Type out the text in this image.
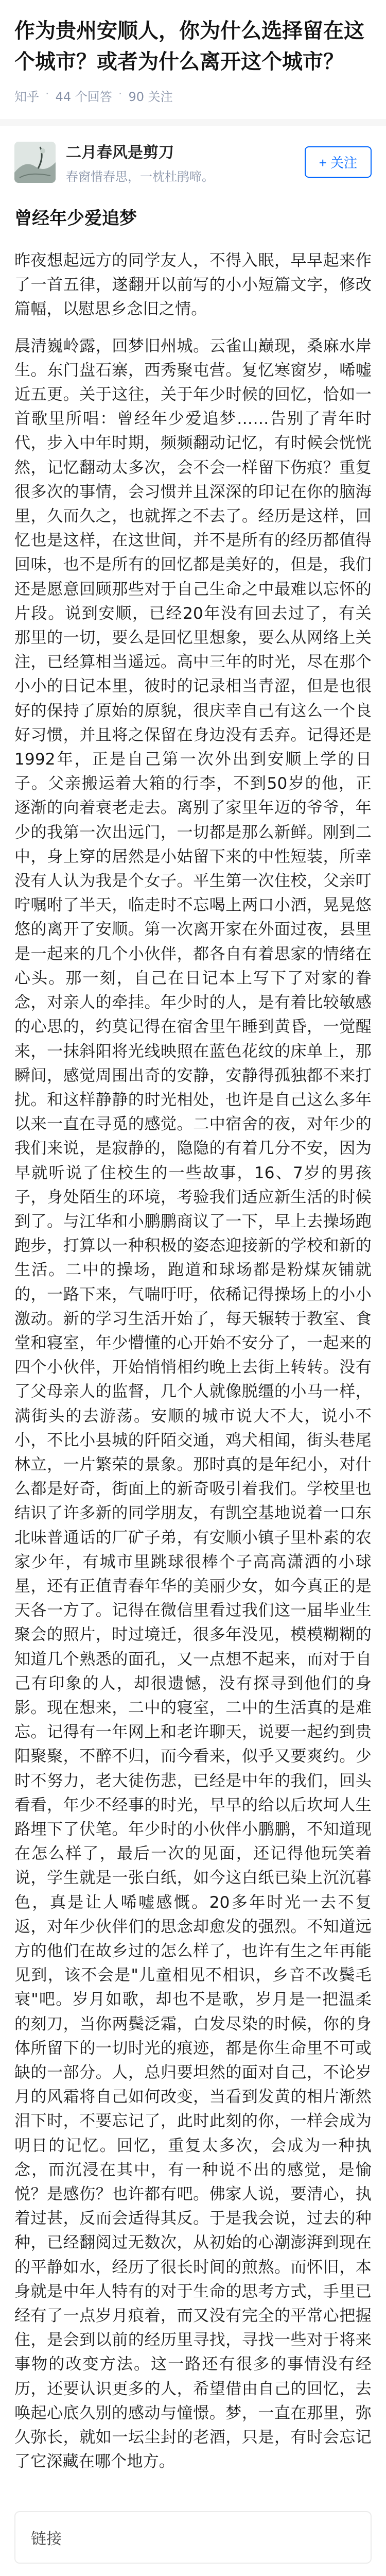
作为贵州安顺人，你为什么选择留在这个城市？或者为什么离开这个城市？
知乎 · 44 个回答 · 90 关注
二月春风是剪刀
春窗惜春思，一枕杜鹃啼。
+ 关注
曾经年少爱追梦

昨夜想起远方的同学友人，不得入眠，早早起来作了一首五律，遂翻开以前写的小小短篇文字，修改篇幅，以慰思乡念旧之情。

晨清巍岭露，回梦旧州城。云雀山巅现，桑麻水岸生。东门盘石寨，西秀聚屯营。复忆寒窗岁，唏嘘近五更。关于这往，关于年少时候的回忆，恰如一首歌里所唱：曾经年少爱追梦……告别了青年时代，步入中年时期，频频翻动记忆，有时候会恍恍然，记忆翻动太多次，会不会一样留下伤痕？重复很多次的事情，会习惯并且深深的印记在你的脑海里，久而久之，也就挥之不去了。经历是这样，回忆也是这样，在这世间，并不是所有的经历都值得回味，也不是所有的回忆都是美好的，但是，我们还是愿意回顾那些对于自己生命之中最难以忘怀的片段。说到安顺，已经20年没有回去过了，有关那里的一切，要么是回忆里想象，要么从网络上关注，已经算相当遥远。高中三年的时光，尽在那个小小的日记本里，彼时的记录相当青涩，但是也很好的保持了原始的原貌，很庆幸自己有这么一个良好习惯，并且将之保留在身边没有丢弃。记得还是1992年，正是自己第一次外出到安顺上学的日子。父亲搬运着大箱的行李，不到50岁的他，正逐渐的向着衰老走去。离别了家里年迈的爷爷，年少的我第一次出远门，一切都是那么新鲜。刚到二中，身上穿的居然是小姑留下来的中性短装，所幸没有人认为我是个女子。平生第一次住校，父亲叮咛嘱咐了半天，临走时不忘喝上两口小酒，晃晃悠悠的离开了安顺。第一次离开家在外面过夜，县里是一起来的几个小伙伴，都各自有着思家的情绪在心头。那一刻，自己在日记本上写下了对家的眷念，对亲人的牵挂。年少时的人，是有着比较敏感的心思的，约莫记得在宿舍里午睡到黄昏，一觉醒来，一抹斜阳将光线映照在蓝色花纹的床单上，那瞬间，感觉周围出奇的安静，安静得孤独都不来打扰。和这样静静的时光相处，也许是自己这么多年以来一直在寻觅的感觉。二中宿舍的夜，对年少的我们来说，是寂静的，隐隐的有着几分不安，因为早就听说了住校生的一些故事，16、7岁的男孩子，身处陌生的环境，考验我们适应新生活的时候到了。与江华和小鹏鹏商议了一下，早上去操场跑跑步，打算以一种积极的姿态迎接新的学校和新的生活。二中的操场，跑道和球场都是粉煤灰铺就的，一路下来，气喘吁吁，依稀记得操场上的小小激动。新的学习生活开始了，每天辗转于教室、食堂和寝室，年少懵懂的心开始不安分了，一起来的四个小伙伴，开始悄悄相约晚上去街上转转。没有了父母亲人的监督，几个人就像脱缰的小马一样，满街头的去游荡。安顺的城市说大不大，说小不小，不比小县城的阡陌交通，鸡犬相闻，街头巷尾林立，一片繁荣的景象。那时真的是年纪小，对什么都是好奇，街面上的新奇吸引着我们。学校里也结识了许多新的同学朋友，有凯空基地说着一口东北味普通话的厂矿子弟，有安顺小镇子里朴素的农家少年，有城市里跳球很棒个子高高潇洒的小球星，还有正值青春年华的美丽少女，如今真正的是天各一方了。记得在微信里看过我们这一届毕业生聚会的照片，时过境迁，很多年没见，模模糊糊的知道几个熟悉的面孔，又一点想不起来，而对于自己有印象的人，却很遗憾，没有探寻到他们的身影。现在想来，二中的寝室，二中的生活真的是难忘。记得有一年网上和老许聊天，说要一起约到贵阳聚聚，不醉不归，而今看来，似乎又要爽约。少时不努力，老大徒伤悲，已经是中年的我们，回头看看，年少不经事的时光，早早的给以后坎坷人生路埋下了伏笔。年少时的小伙伴小鹏鹏，不知道现在怎么样了，最后一次的见面，还记得他玩笑着说，学生就是一张白纸，如今这白纸已染上沉沉暮色，真是让人唏嘘感慨。20多年时光一去不复返，对年少伙伴们的思念却愈发的强烈。不知道远方的他们在故乡过的怎么样了，也许有生之年再能见到，该不会是"儿童相见不相识，乡音不改鬓毛衰"吧。岁月如歌，却也不是歌，岁月是一把温柔的刻刀，当你两鬓泛霜，白发尽染的时候，你的身体所留下的一切时光的痕迹，都是你生命里不可或缺的一部分。人，总归要坦然的面对自己，不论岁月的风霜将自己如何改变，当看到发黄的相片渐然泪下时，不要忘记了，此时此刻的你，一样会成为明日的记忆。回忆，重复太多次，会成为一种执念，而沉浸在其中，有一种说不出的感觉，是愉悦？是感伤？也许都有吧。佛家人说，要清心，执着过甚，反而会适得其反。于是我会说，过去的种种，已经翻阅过无数次，从初始的心潮澎湃到现在的平静如水，经历了很长时间的煎熬。而怀旧，本身就是中年人特有的对于生命的思考方式，手里已经有了一点岁月痕着，而又没有完全的平常心把握住，是会到以前的经历里寻找，寻找一些对于将来事物的改变方法。这一路还有很多的事情没有经历，还要认识更多的人，希望借由自己的回忆，去唤起心底久别的感动与憧憬。梦，一直在那里，弥久弥长，就如一坛尘封的老酒，只是，有时会忘记了它深藏在哪个地方。

链接
